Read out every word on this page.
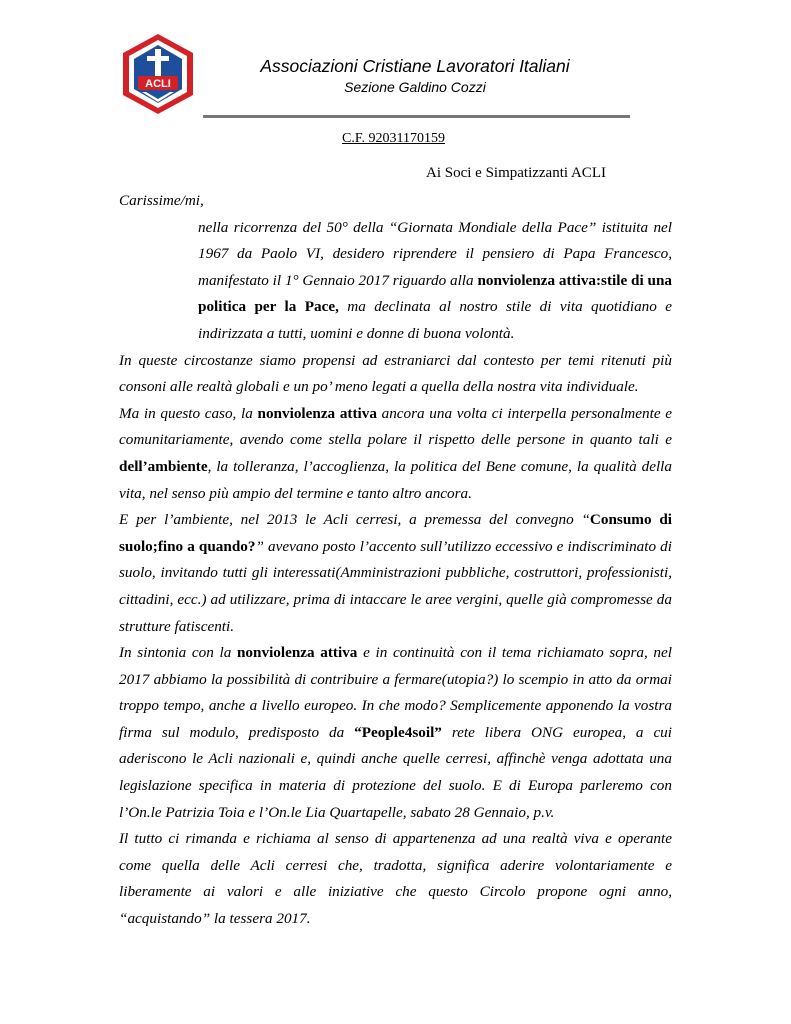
ACLI
Associazioni Cristiane Lavoratori Italiani
Sezione Galdino Cozzi
C.F. 92031170159
Ai Soci e Simpatizzanti ACLI

Carissime/mi,

nella ricorrenza del 50° della “Giornata Mondiale della Pace” istituita nel 1967 da Paolo VI, desidero riprendere il pensiero di Papa Francesco, manifestato il 1° Gennaio 2017 riguardo alla nonviolenza attiva:stile di una politica per la Pace, ma declinata al nostro stile di vita quotidiano e indirizzata a tutti, uomini e donne di buona volontà.

In queste circostanze siamo propensi ad estraniarci dal contesto per temi ritenuti più consoni alle realtà globali e un po’ meno legati a quella della nostra vita individuale.

Ma in questo caso, la nonviolenza attiva ancora una volta ci interpella personalmente e comunitariamente, avendo come stella polare il rispetto delle persone in quanto tali e dell’ambiente, la tolleranza, l’accoglienza, la politica del Bene comune, la qualità della vita, nel senso più ampio del termine e tanto altro ancora.

E per l’ambiente, nel 2013 le Acli cerresi, a premessa del convegno “Consumo di suolo;fino a quando?” avevano posto l’accento sull’utilizzo eccessivo e indiscriminato di suolo, invitando tutti gli interessati(Amministrazioni pubbliche, costruttori, professionisti, cittadini, ecc.) ad utilizzare, prima di intaccare le aree vergini, quelle già compromesse da strutture fatiscenti.

In sintonia con la nonviolenza attiva e in continuità con il tema richiamato sopra, nel 2017 abbiamo la possibilità di contribuire a fermare(utopia?) lo scempio in atto da ormai troppo tempo, anche a livello europeo. In che modo? Semplicemente apponendo la vostra firma sul modulo, predisposto da “People4soil” rete libera ONG europea, a cui aderiscono le Acli nazionali e, quindi anche quelle cerresi, affinchè venga adottata una legislazione specifica in materia di protezione del suolo. E di Europa parleremo con l’On.le Patrizia Toia e l’On.le Lia Quartapelle, sabato 28 Gennaio, p.v.

Il tutto ci rimanda e richiama al senso di appartenenza ad una realtà viva e operante come quella delle Acli cerresi che, tradotta, significa aderire volontariamente e liberamente ai valori e alle iniziative che questo Circolo propone ogni anno, “acquistando” la tessera 2017.
